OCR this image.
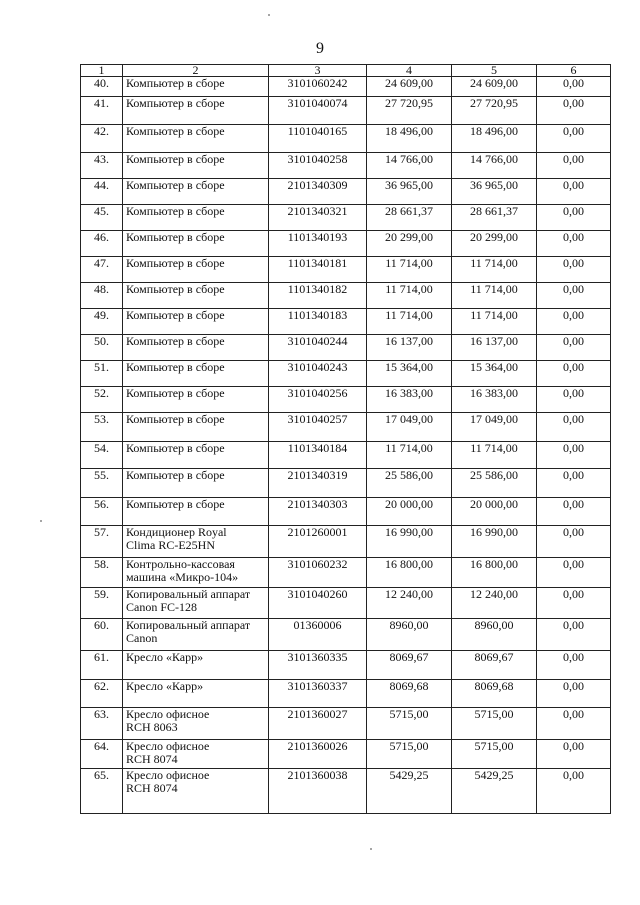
9
1	2	3	4	5	6
40.	Компьютер в сборе	3101060242	24 609,00	24 609,00	0,00
41.	Компьютер в сборе	3101040074	27 720,95	27 720,95	0,00
42.	Компьютер в сборе	1101040165	18 496,00	18 496,00	0,00
43.	Компьютер в сборе	3101040258	14 766,00	14 766,00	0,00
44.	Компьютер в сборе	2101340309	36 965,00	36 965,00	0,00
45.	Компьютер в сборе	2101340321	28 661,37	28 661,37	0,00
46.	Компьютер в сборе	1101340193	20 299,00	20 299,00	0,00
47.	Компьютер в сборе	1101340181	11 714,00	11 714,00	0,00
48.	Компьютер в сборе	1101340182	11 714,00	11 714,00	0,00
49.	Компьютер в сборе	1101340183	11 714,00	11 714,00	0,00
50.	Компьютер в сборе	3101040244	16 137,00	16 137,00	0,00
51.	Компьютер в сборе	3101040243	15 364,00	15 364,00	0,00
52.	Компьютер в сборе	3101040256	16 383,00	16 383,00	0,00
53.	Компьютер в сборе	3101040257	17 049,00	17 049,00	0,00
54.	Компьютер в сборе	1101340184	11 714,00	11 714,00	0,00
55.	Компьютер в сборе	2101340319	25 586,00	25 586,00	0,00
56.	Компьютер в сборе	2101340303	20 000,00	20 000,00	0,00
57.	Кондиционер Royal
Clima RC-E25HN	2101260001	16 990,00	16 990,00	0,00
58.	Контрольно-кассовая
машина «Микро-104»	3101060232	16 800,00	16 800,00	0,00
59.	Копировальный аппарат
Canon FC-128	3101040260	12 240,00	12 240,00	0,00
60.	Копировальный аппарат
Canon	01360006	8960,00	8960,00	0,00
61.	Кресло «Карр»	3101360335	8069,67	8069,67	0,00
62.	Кресло «Карр»	3101360337	8069,68	8069,68	0,00
63.	Кресло офисное
RCH 8063	2101360027	5715,00	5715,00	0,00
64.	Кресло офисное
RCH 8074	2101360026	5715,00	5715,00	0,00
65.	Кресло офисное
RCH 8074	2101360038	5429,25	5429,25	0,00
